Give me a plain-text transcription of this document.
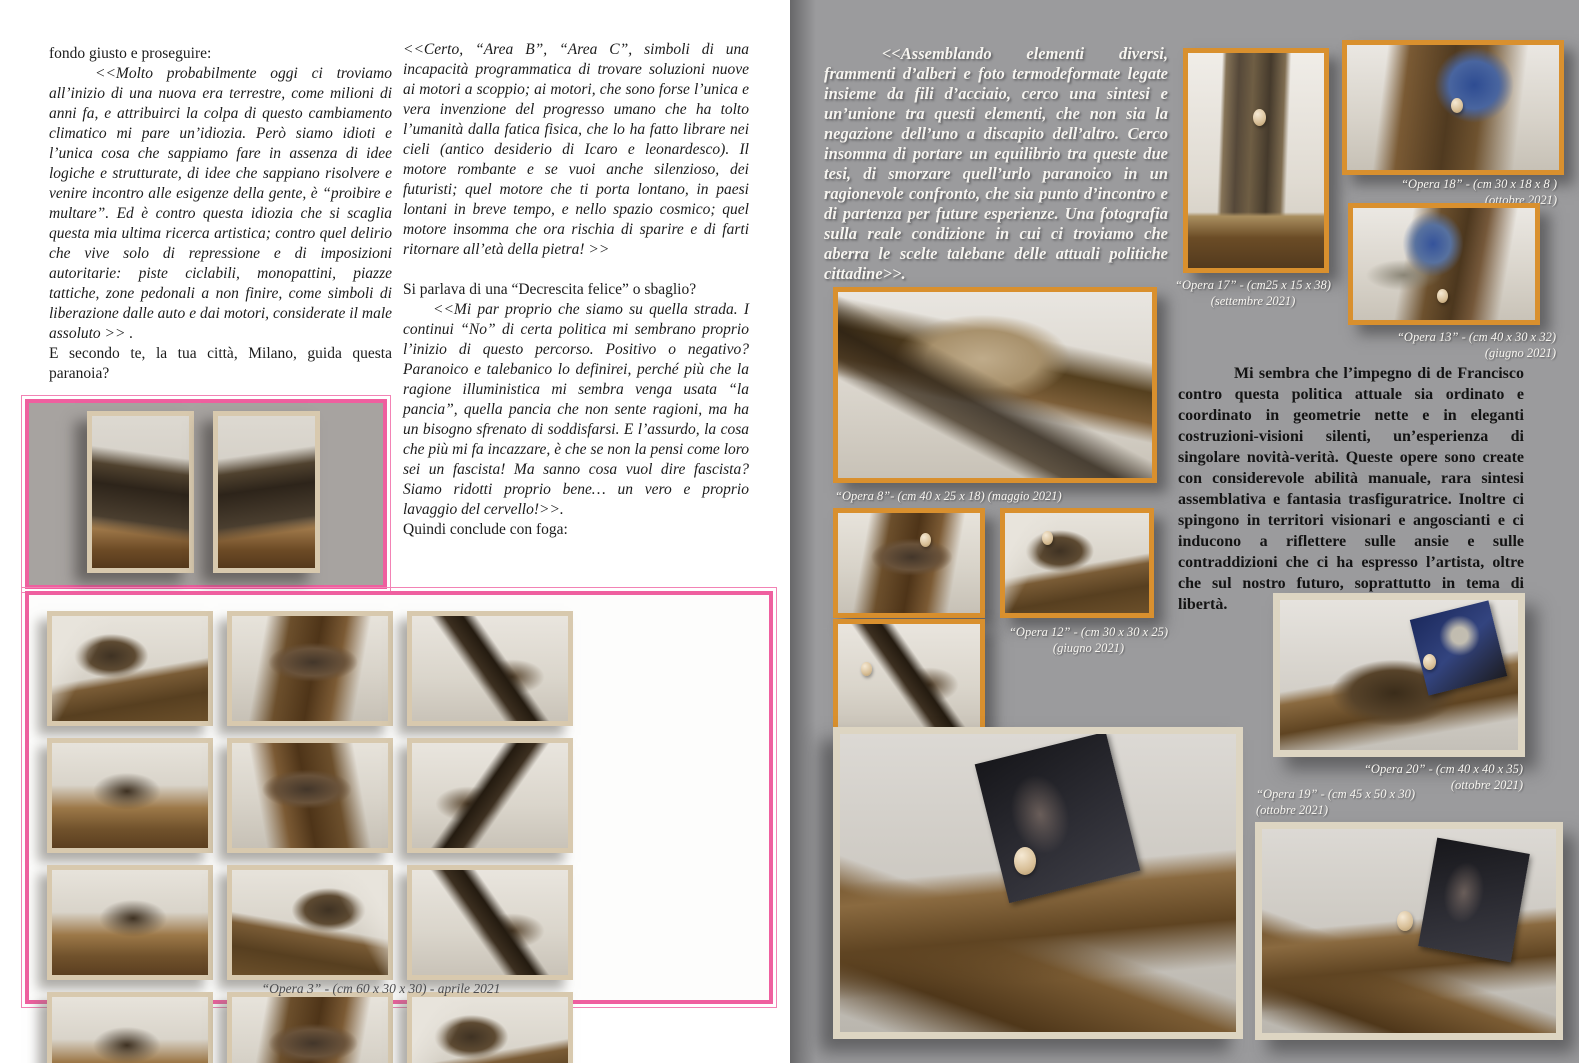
fondo giusto e proseguire:

<<Molto probabilmente oggi ci troviamo all’inizio di una nuova era terrestre, come milioni di anni fa, e attribuirci la colpa di questo cambiamento climatico mi pare un’idiozia. Però siamo idioti e l’unica cosa che sappiamo fare in assenza di idee logiche e strutturate, di idee che sappiano risolvere e venire incontro alle esigenze della gente, è “proibire e multare”. Ed è contro questa idiozia che si scaglia questa mia ultima ricerca artistica; contro quel delirio che vive solo di repressione e di imposizioni autoritarie: piste ciclabili, monopattini, piazze tattiche, zone pedonali a non finire, come simboli di liberazione dalle auto e dai motori, considerate il male assoluto >> .

E secondo te, la tua città, Milano, guida questa paranoia?

<<Certo, “Area B”, “Area C”, simboli di una incapacità programmatica di trovare soluzioni nuove ai motori a scoppio; ai motori, che sono forse l’unica e vera invenzione del progresso umano che ha tolto l’umanità dalla fatica fisica, che lo ha fatto librare nei cieli (antico desiderio di Icaro e leonardesco). Il motore rombante e se vuoi anche silenzioso, dei futuristi; quel motore che ti porta lontano, in paesi lontani in breve tempo, e nello spazio cosmico; quel motore insomma che ora rischia di sparire e di farti ritornare all’età della pietra! >>

Si parlava di una “Decrescita felice” o sbaglio?

<<Mi par proprio che siamo su quella strada. I continui “No” di certa politica mi sembrano proprio l’inizio di questo percorso. Positivo o negativo? Paranoico e talebanico lo definirei, perché più che la ragione illuministica mi sembra venga usata “la pancia”, quella pancia che non sente ragioni, ma ha un bisogno sfrenato di soddisfarsi. E l’assurdo, la cosa che più mi fa incazzare, è che se non la pensi come loro sei un fascista! Ma sanno cosa vuol dire fascista? Siamo ridotti proprio bene… un vero e proprio lavaggio del cervello!>>.

Quindi conclude con foga:

“Opera 3” - (cm 60 x 30 x 30) - aprile 2021

<<Assemblando elementi diversi, frammenti d’alberi e foto termodeformate legate insieme da fili d’acciaio, cerco una sintesi e un’unione tra questi elementi, che non sia la negazione dell’uno a discapito dell’altro. Cerco insomma di portare un equilibrio tra queste due tesi, di smorzare quell’urlo paranoico in un ragionevole confronto, che sia punto d’incontro e di partenza per future esperienze. Una fotografia sulla reale condizione in cui ci troviamo che aberra le scelte talebane delle attuali politiche cittadine>>.

“Opera 17” - (cm25 x 15 x 38)
(settembre 2021)
“Opera 18” - (cm 30 x 18 x 8 )
(ottobre 2021)
“Opera 13” - (cm 40 x 30 x 32)
(giugno 2021)
“Opera 8”- (cm 40 x 25 x 18) (maggio 2021)
“Opera 12” - (cm 30 x 30 x 25)
(giugno 2021)

Mi sembra che l’impegno di de Francisco contro questa politica attuale sia ordinato e coordinato in geometrie nette e in eleganti costruzioni-visioni silenti, un’esperienza di singolare novità-verità. Queste opere sono create con considerevole abilità manuale, rara sintesi assemblativa e fantasia trasfiguratrice. Inoltre ci spingono in territori visionari e angoscianti e ci inducono a riflettere sulle ansie e sulle contraddizioni che ci ha espresso l’artista, oltre che sul nostro futuro, soprattutto in tema di libertà.

“Opera 20” - (cm 40 x 40 x 35)
(ottobre 2021)
“Opera 19” - (cm 45 x 50 x 30)
(ottobre 2021)
